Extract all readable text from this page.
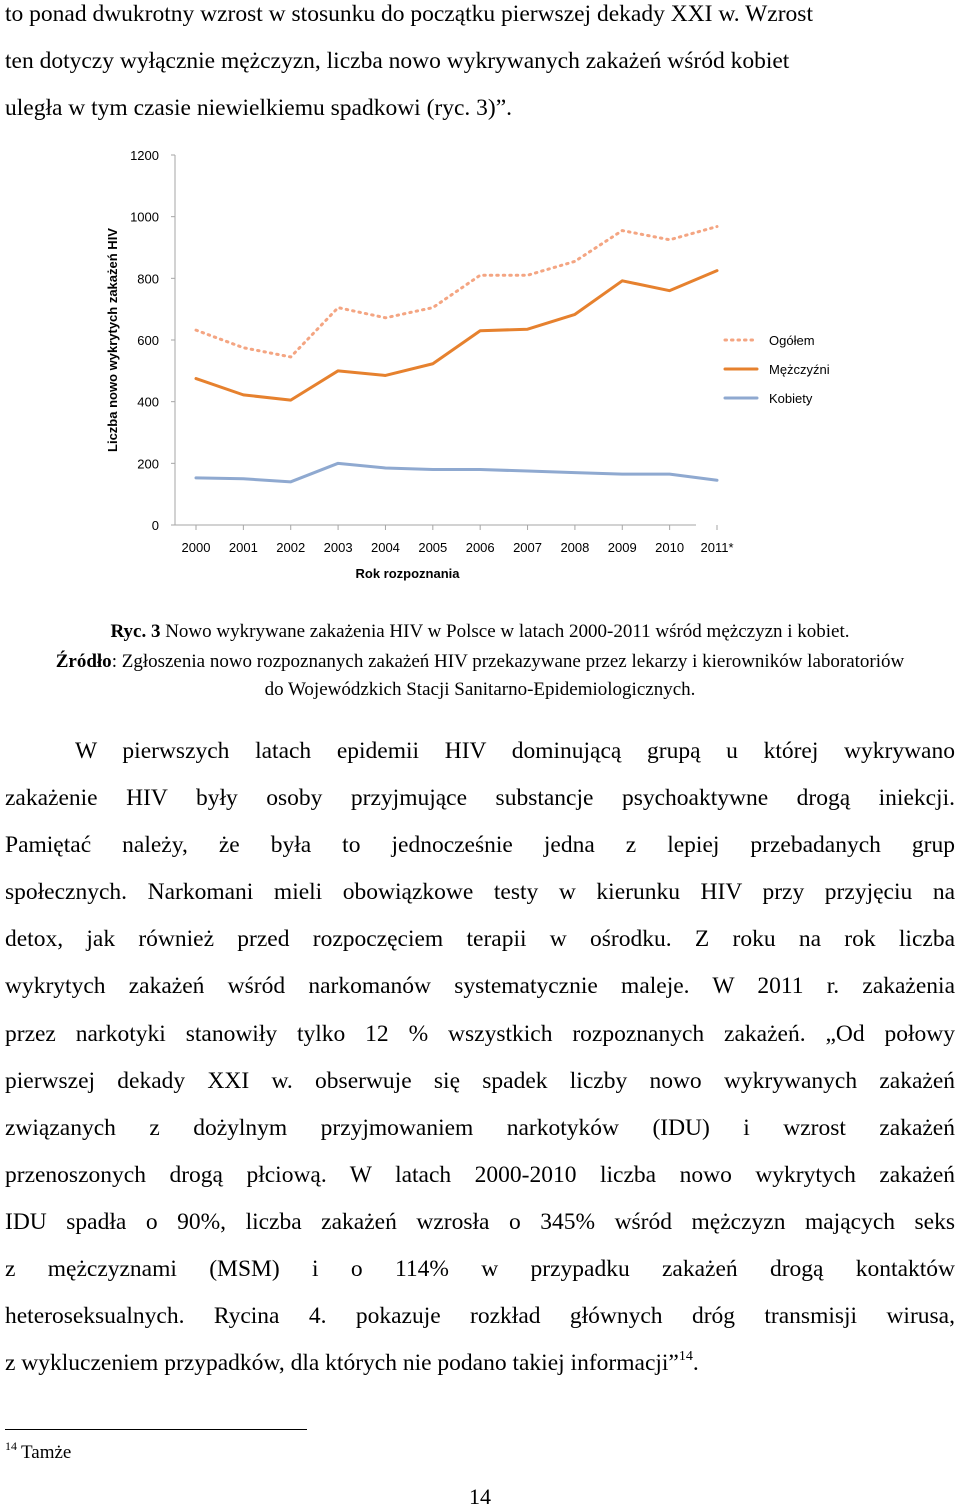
to ponad dwukrotny wzrost w stosunku do początku pierwszej dekady XXI w. Wzrost
ten dotyczy wyłącznie mężczyzn, liczba nowo wykrywanych zakażeń wśród kobiet
uległa w tym czasie niewielkiemu spadkowi (ryc. 3)”.

0
200
400
600
800
1000
1200
2000 2001 2002 2003 2004 2005 2006 2007 2008 2009 2010 2011*
Rok rozpoznania
Liczba nowo wykrytych zakażeń HIV	Ogółem
Mężczyźni
Kobiety

Ryc. 3 Nowo wykrywane zakażenia HIV w Polsce w latach 2000-2011 wśród mężczyzn i kobiet.

Źródło: Zgłoszenia nowo rozpoznanych zakażeń HIV przekazywane przez lekarzy i kierowników laboratoriów

do Wojewódzkich Stacji Sanitarno-Epidemiologicznych.

W pierwszych latach epidemii HIV dominującą grupą u której wykrywano
zakażenie HIV były osoby przyjmujące substancje psychoaktywne drogą iniekcji.
Pamiętać należy, że była to jednocześnie jedna z lepiej przebadanych grup
społecznych. Narkomani mieli obowiązkowe testy w kierunku HIV przy przyjęciu na
detox, jak również przed rozpoczęciem terapii w ośrodku. Z roku na rok liczba
wykrytych zakażeń wśród narkomanów systematycznie maleje. W 2011 r. zakażenia
przez narkotyki stanowiły tylko 12 % wszystkich rozpoznanych zakażeń. „Od połowy
pierwszej dekady XXI w. obserwuje się spadek liczby nowo wykrywanych zakażeń
związanych z dożylnym przyjmowaniem narkotyków (IDU) i wzrost zakażeń
przenoszonych drogą płciową. W latach 2000-2010 liczba nowo wykrytych zakażeń
IDU spadła o 90%, liczba zakażeń wzrosła o 345% wśród mężczyzn mających seks
z mężczyznami (MSM) i o 114% w przypadku zakażeń drogą kontaktów
heteroseksualnych. Rycina 4. pokazuje rozkład głównych dróg transmisji wirusa,
z wykluczeniem przypadków, dla których nie podano takiej informacji”$^{14}$.

$^{14}$ Tamże

14
